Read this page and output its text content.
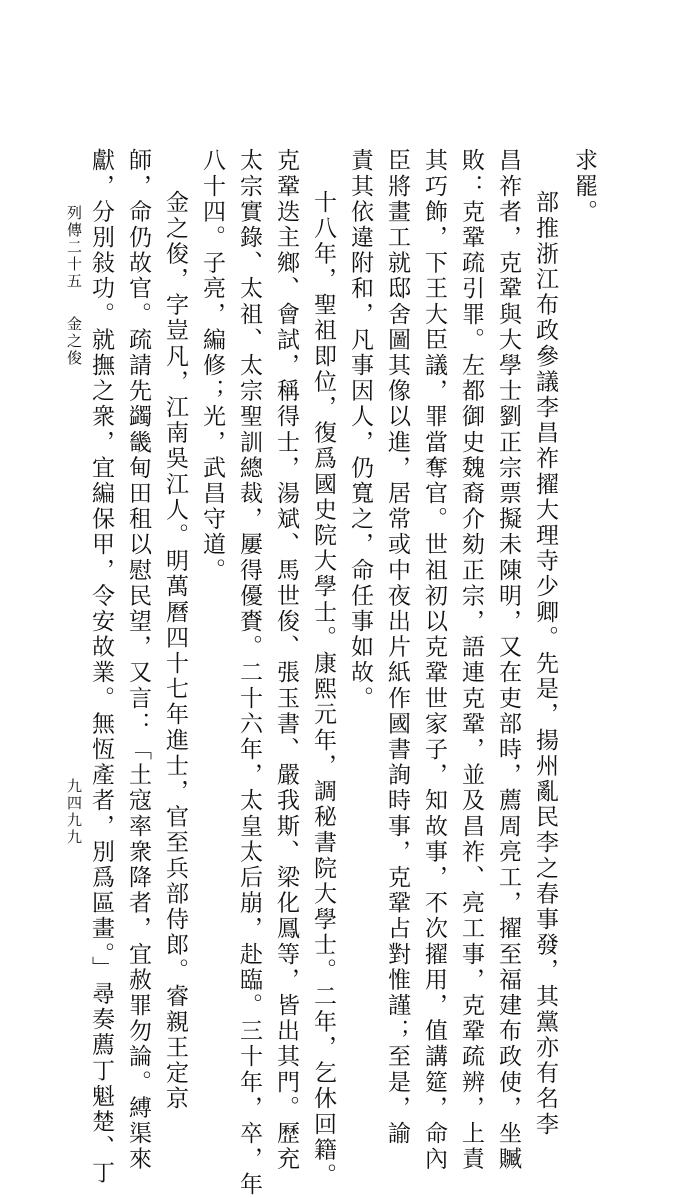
求罷。
部推浙江布政參議李昌祚擢大理寺少卿。先是，揚州亂民李之春事發，其黨亦有名李
昌祚者，克鞏與大學士劉正宗票擬未陳明，又在吏部時，薦周亮工，擢至福建布政使，坐贓
敗：克鞏疏引罪。左都御史魏裔介劾正宗，語連克鞏，並及昌祚、亮工事，克鞏疏辨，上責
其巧飾，下王大臣議，罪當奪官。世祖初以克鞏世家子，知故事，不次擢用，值講筵，命內
臣將畫工就邸舍圖其像以進，居常或中夜出片紙作國書詢時事，克鞏占對惟謹；至是，諭
責其依違附和，凡事因人，仍寬之，命任事如故。
十八年，聖祖即位，復爲國史院大學士。康熙元年，調秘書院大學士。二年，乞休回籍。
克鞏迭主鄉、會試，稱得士，湯斌、馬世俊、張玉書、嚴我斯、梁化鳳等，皆出其門。歷充
太宗實錄、太祖、太宗聖訓總裁，屢得優賚。二十六年，太皇太后崩，赴臨。三十年，卒，年
八十四。子亮，編修；光，武昌守道。
金之俊，字豈凡，江南吳江人。明萬曆四十七年進士，官至兵部侍郎。睿親王定京
師，命仍故官。疏請先蠲畿甸田租以慰民望，又言：「土寇率衆降者，宜赦罪勿論。縛渠來
獻，分別敍功。就撫之衆，宜編保甲，令安故業。無恆產者，別爲區畫。」尋奏薦丁魁楚、丁
列傳二十五金之俊
九四九九
